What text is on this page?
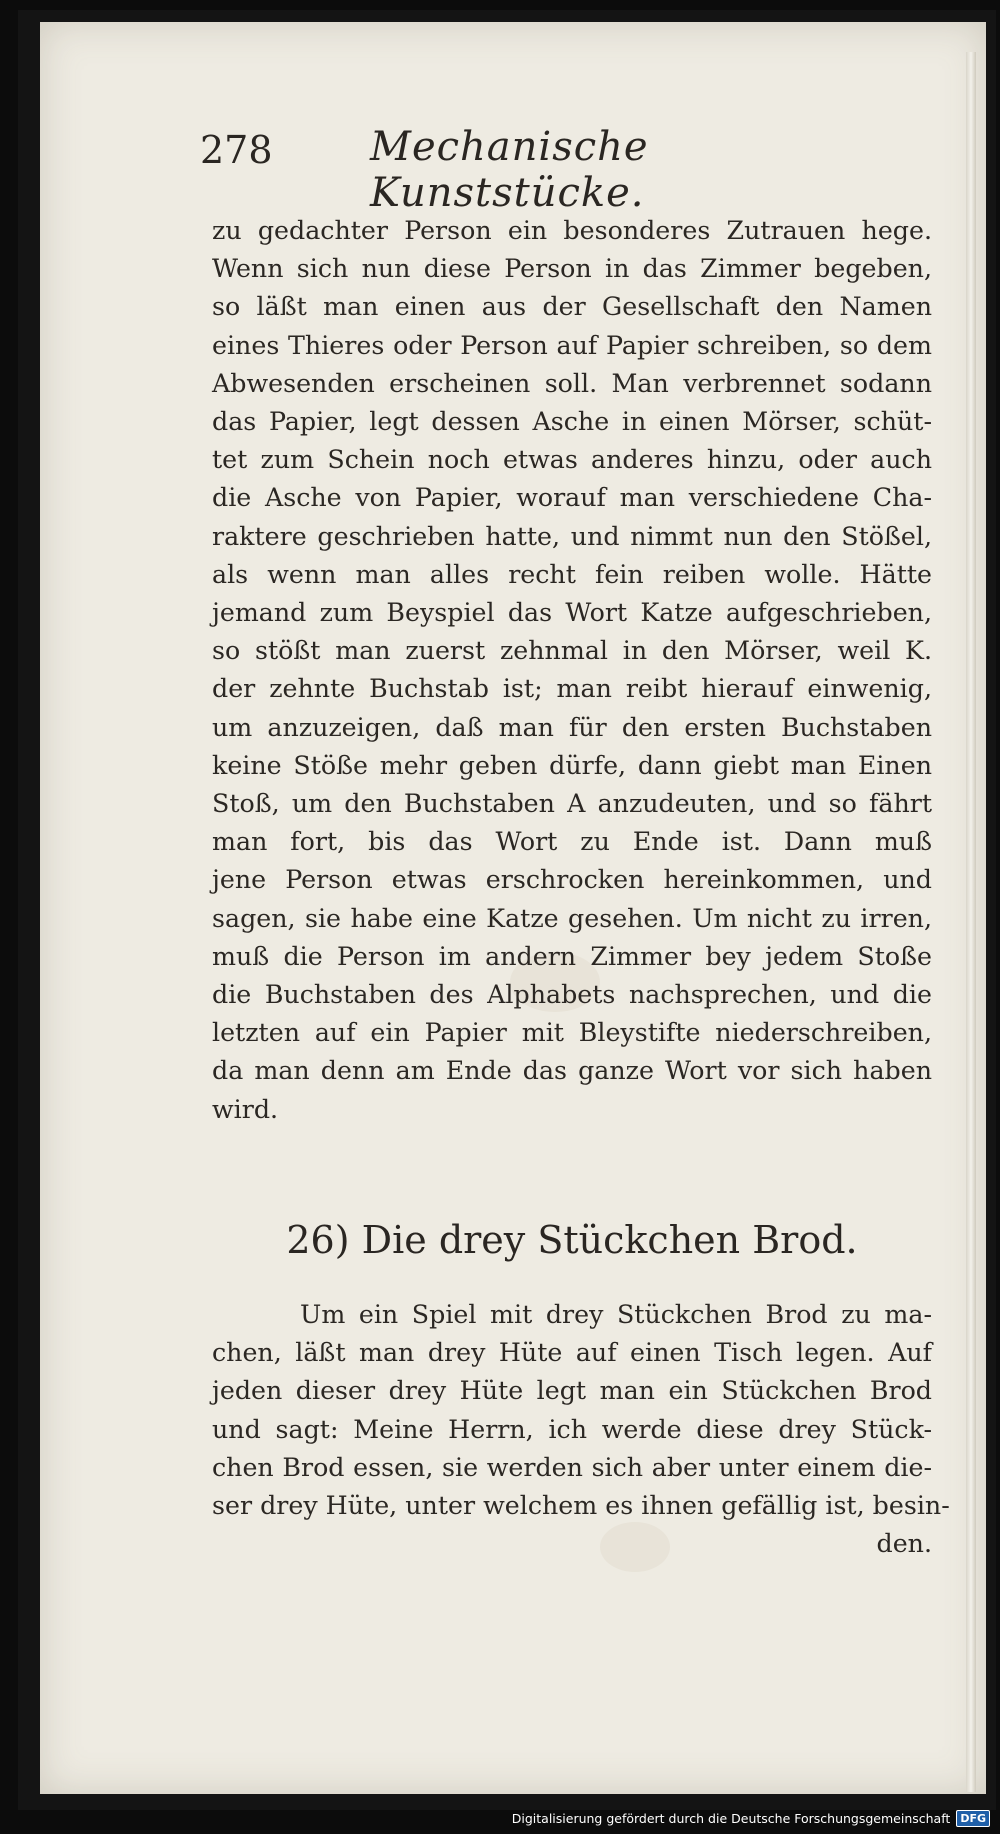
278 Mechanische Kunststücke.
zu gedachter Person ein besonderes Zutrauen hege.
Wenn sich nun diese Person in das Zimmer begeben,
so läßt man einen aus der Gesellschaft den Namen
eines Thieres oder Person auf Papier schreiben, so dem
Abwesenden erscheinen soll. Man verbrennet sodann
das Papier, legt dessen Asche in einen Mörser, schüt-
tet zum Schein noch etwas anderes hinzu, oder auch
die Asche von Papier, worauf man verschiedene Cha-
raktere geschrieben hatte, und nimmt nun den Stößel,
als wenn man alles recht fein reiben wolle. Hätte
jemand zum Beyspiel das Wort Katze aufgeschrieben,
so stößt man zuerst zehnmal in den Mörser, weil K.
der zehnte Buchstab ist; man reibt hierauf einwenig,
um anzuzeigen, daß man für den ersten Buchstaben
keine Stöße mehr geben dürfe, dann giebt man Einen
Stoß, um den Buchstaben A anzudeuten, und so fährt
man fort, bis das Wort zu Ende ist. Dann muß
jene Person etwas erschrocken hereinkommen, und
sagen, sie habe eine Katze gesehen. Um nicht zu irren,
muß die Person im andern Zimmer bey jedem Stoße
die Buchstaben des Alphabets nachsprechen, und die
letzten auf ein Papier mit Bleystifte niederschreiben,
da man denn am Ende das ganze Wort vor sich haben
wird.
26) Die drey Stückchen Brod.
Um ein Spiel mit drey Stückchen Brod zu ma-
chen, läßt man drey Hüte auf einen Tisch legen. Auf
jeden dieser drey Hüte legt man ein Stückchen Brod
und sagt: Meine Herrn, ich werde diese drey Stück-
chen Brod essen, sie werden sich aber unter einem die-
ser drey Hüte, unter welchem es ihnen gefällig ist, besin-
den.
Digitalisierung gefördert durch die Deutsche Forschungsgemeinschaft DFG
